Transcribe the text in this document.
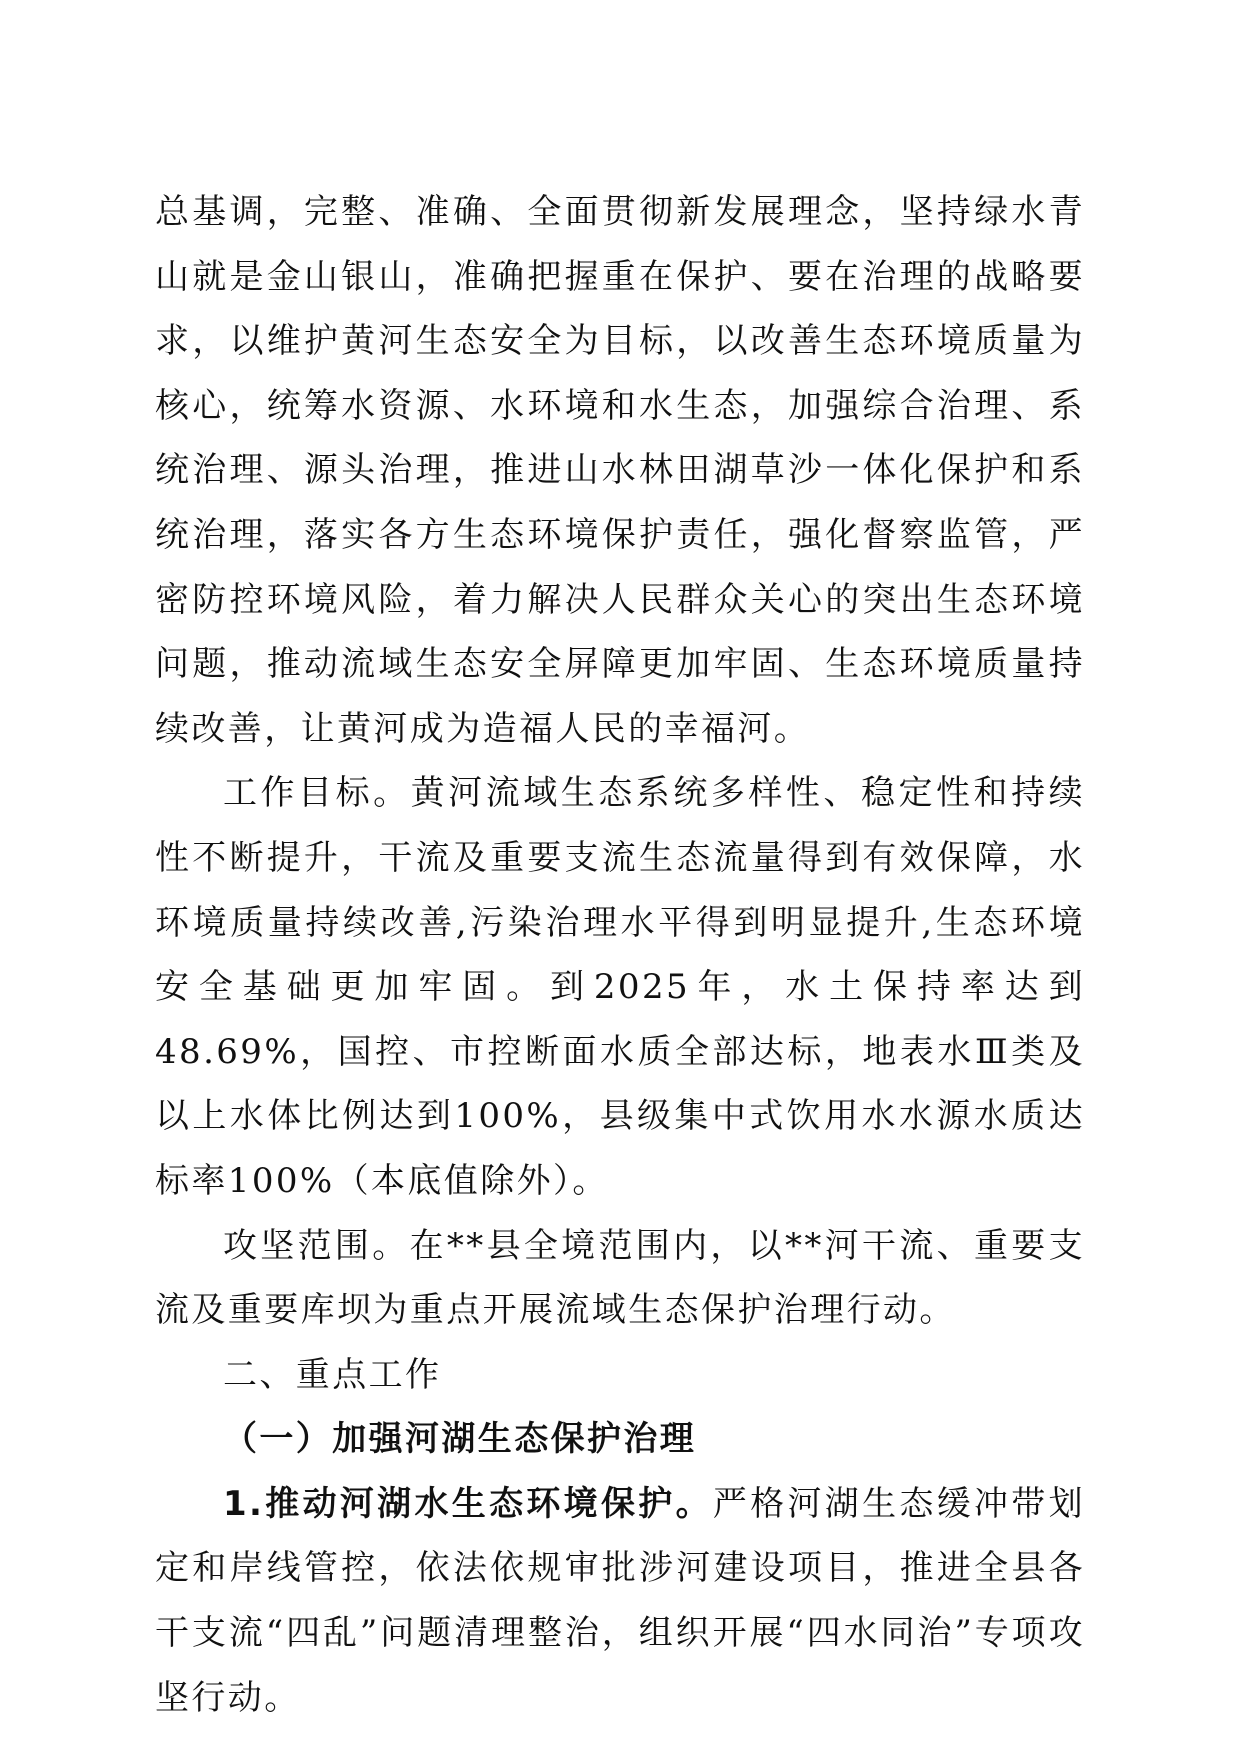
总基调，完整、准确、全面贯彻新发展理念，坚持绿水青山就是金山银山，准确把握重在保护、要在治理的战略要求，以维护黄河生态安全为目标，以改善生态环境质量为核心，统筹水资源、水环境和水生态，加强综合治理、系统治理、源头治理，推进山水林田湖草沙一体化保护和系统治理，落实各方生态环境保护责任，强化督察监管，严密防控环境风险，着力解决人民群众关心的突出生态环境问题，推动流域生态安全屏障更加牢固、生态环境质量持续改善，让黄河成为造福人民的幸福河。

工作目标。黄河流域生态系统多样性、稳定性和持续性不断提升，干流及重要支流生态流量得到有效保障，水环境质量持续改善,污染治理水平得到明显提升,生态环境安全基础更加牢固。到2025年，水土保持率达到48.69%，国控、市控断面水质全部达标，地表水Ⅲ类及以上水体比例达到100%，县级集中式饮用水水源水质达标率100%（本底值除外）。

攻坚范围。在**县全境范围内，以**河干流、重要支流及重要库坝为重点开展流域生态保护治理行动。

二、重点工作

（一）加强河湖生态保护治理

1.推动河湖水生态环境保护。严格河湖生态缓冲带划定和岸线管控，依法依规审批涉河建设项目，推进全县各干支流“四乱”问题清理整治，组织开展“四水同治”专项攻坚行动。
